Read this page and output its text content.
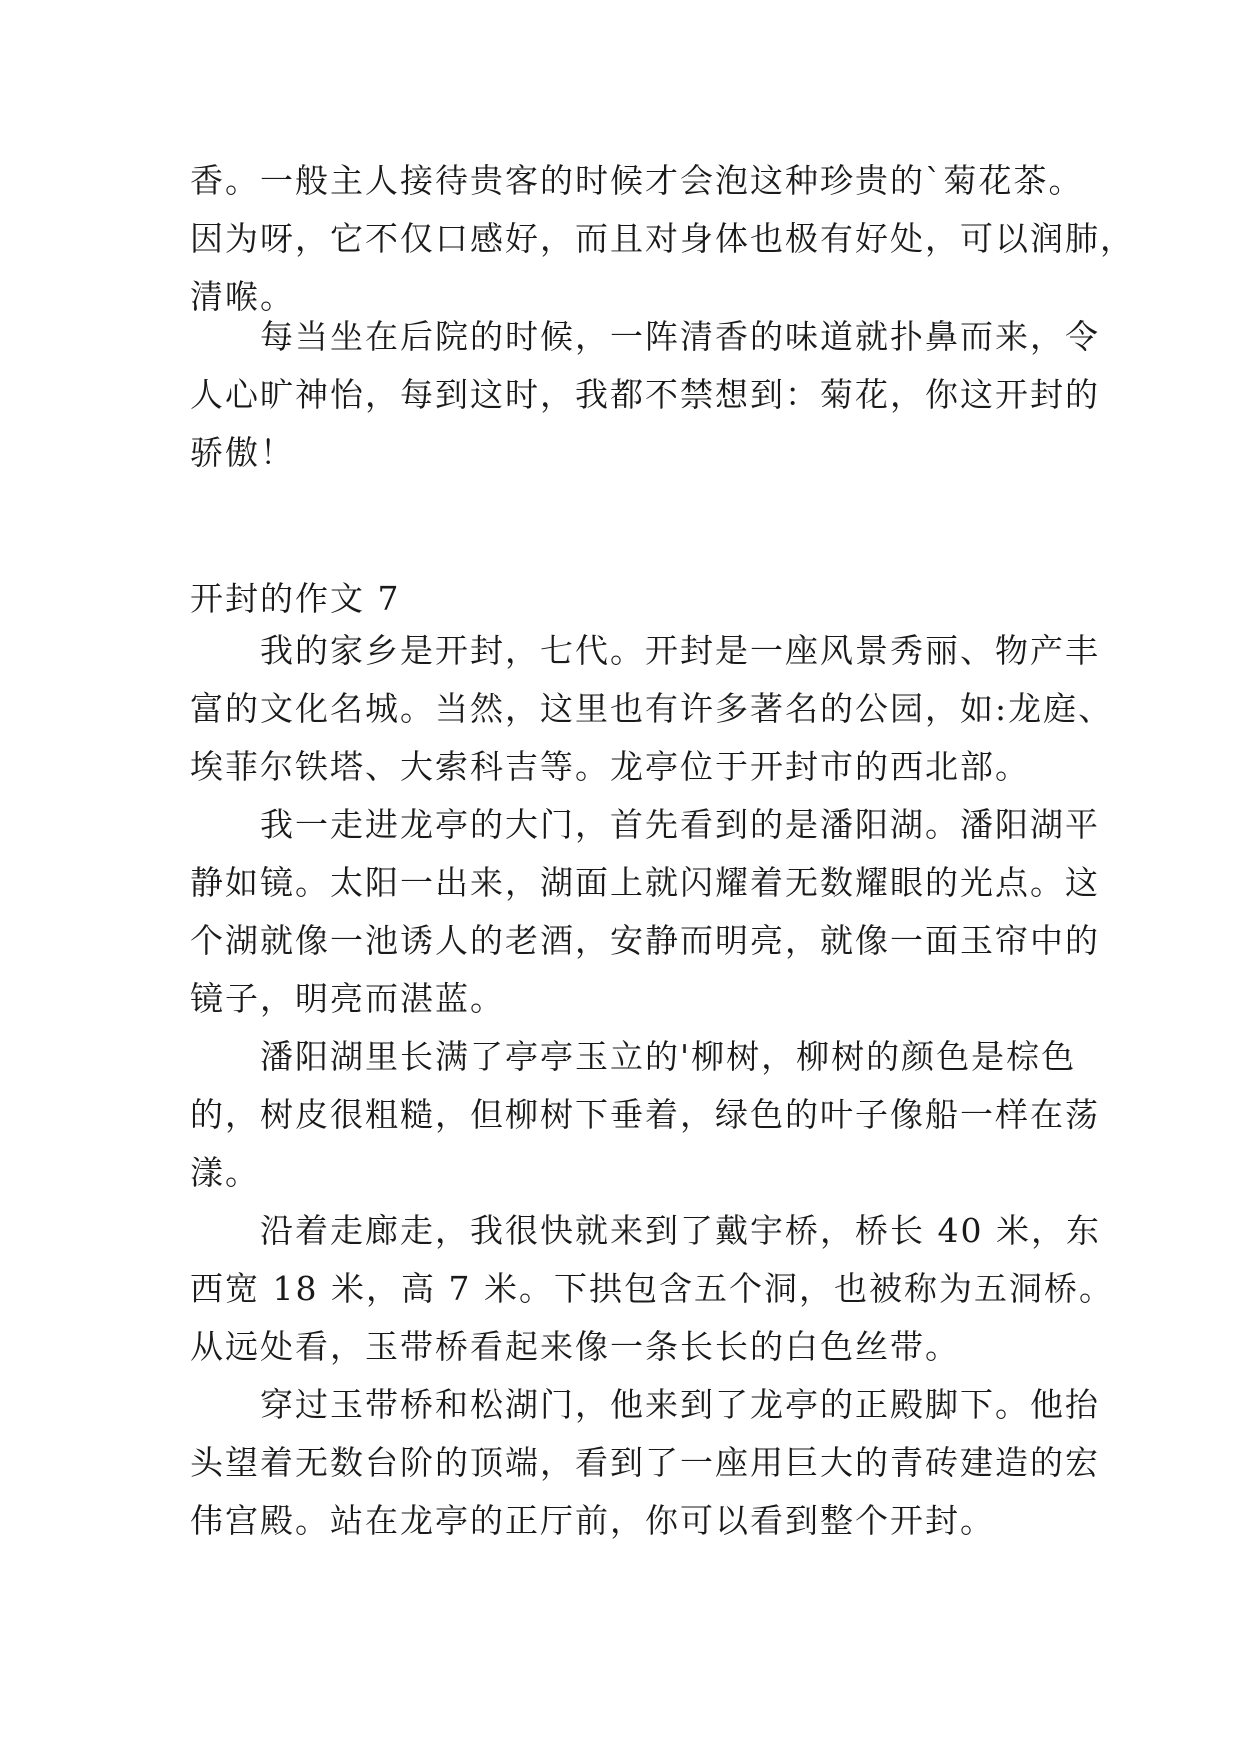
香。一般主人接待贵客的时候才会泡这种珍贵的`菊花茶。
因为呀，它不仅口感好，而且对身体也极有好处，可以润肺，
清喉。

　　每当坐在后院的时候，一阵清香的味道就扑鼻而来，令
人心旷神怡，每到这时，我都不禁想到：菊花，你这开封的
骄傲！

开封的作文 7

　　我的家乡是开封，七代。开封是一座风景秀丽、物产丰
富的文化名城。当然，这里也有许多著名的公园，如:龙庭、
埃菲尔铁塔、大索科吉等。龙亭位于开封市的西北部。

　　我一走进龙亭的大门，首先看到的是潘阳湖。潘阳湖平
静如镜。太阳一出来，湖面上就闪耀着无数耀眼的光点。这
个湖就像一池诱人的老酒，安静而明亮，就像一面玉帘中的
镜子，明亮而湛蓝。

　　潘阳湖里长满了亭亭玉立的'柳树，柳树的颜色是棕色
的，树皮很粗糙，但柳树下垂着，绿色的叶子像船一样在荡
漾。

　　沿着走廊走，我很快就来到了戴宇桥，桥长 40 米，东
西宽 18 米，高 7 米。下拱包含五个洞，也被称为五洞桥。
从远处看，玉带桥看起来像一条长长的白色丝带。

　　穿过玉带桥和松湖门，他来到了龙亭的正殿脚下。他抬
头望着无数台阶的顶端，看到了一座用巨大的青砖建造的宏
伟宫殿。站在龙亭的正厅前，你可以看到整个开封。
